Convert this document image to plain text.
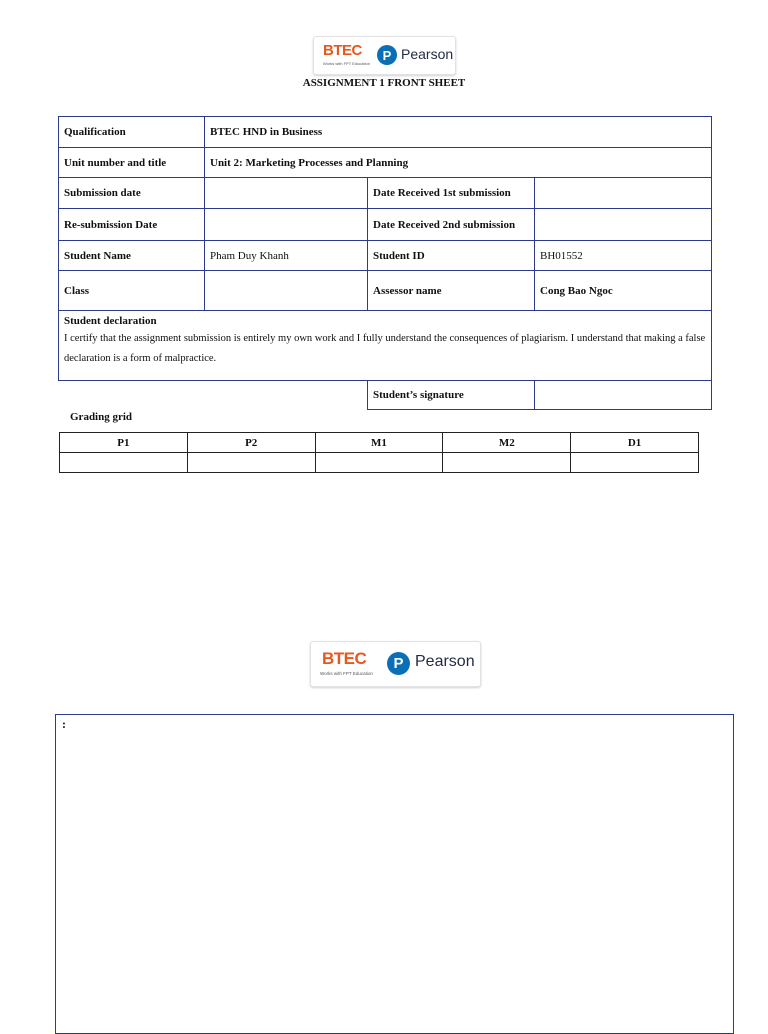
BTEC
Works with FPT Education
P Pearson
ASSIGNMENT 1 FRONT SHEET
Qualification	BTEC HND in Business		
Unit number and title	Unit 2: Marketing Processes and Planning		
Submission date		Date Received 1st submission	
Re-submission Date		Date Received 2nd submission	
Student Name	Pham Duy Khanh	Student ID	BH01552
Class		Assessor name	Cong Bao Ngoc

Student declaration
I certify that the assignment submission is entirely my own work and I fully understand the consequences of plagiarism. I understand that making a false declaration is a form of malpractice.			

		Student’s signature	
Grading grid
P1	P2	M1	M2	D1

BTEC
Works with FPT Education
P Pearson
:
